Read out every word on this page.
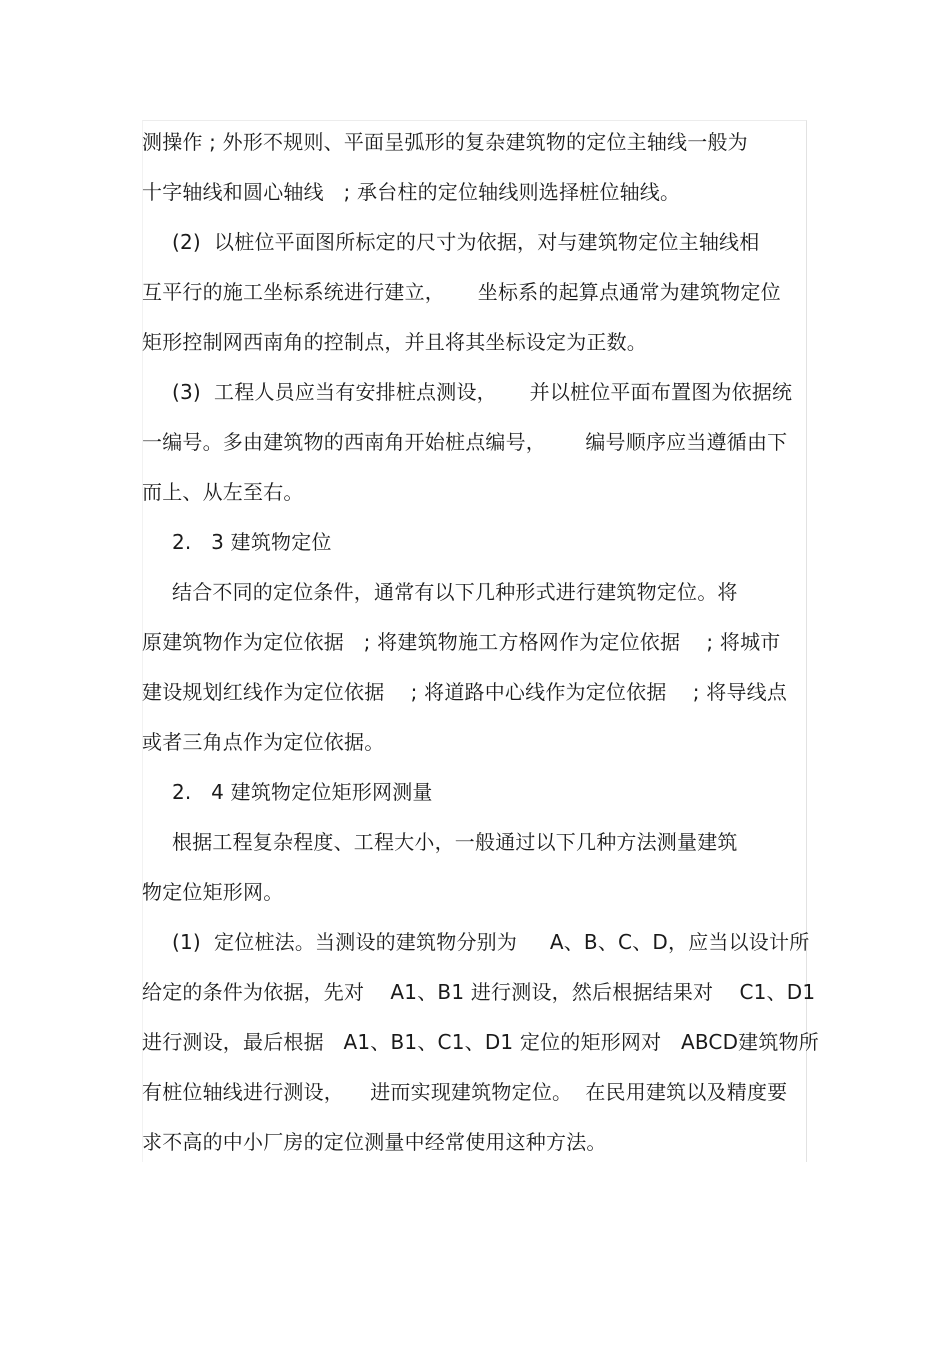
测操作 ; 外形不规则、平面呈弧形的复杂建筑物的定位主轴线一般为
十字轴线和圆心轴线   ; 承台柱的定位轴线则选择桩位轴线。
(2)  以桩位平面图所标定的尺寸为依据，对与建筑物定位主轴线相
互平行的施工坐标系统进行建立，     坐标系的起算点通常为建筑物定位
矩形控制网西南角的控制点，并且将其坐标设定为正数。
(3)  工程人员应当有安排桩点测设，     并以桩位平面布置图为依据统
一编号。多由建筑物的西南角开始桩点编号，      编号顺序应当遵循由下
而上、从左至右。
2.   3 建筑物定位
结合不同的定位条件，通常有以下几种形式进行建筑物定位。将
原建筑物作为定位依据   ; 将建筑物施工方格网作为定位依据    ; 将城市
建设规划红线作为定位依据    ; 将道路中心线作为定位依据    ; 将导线点
或者三角点作为定位依据。
2.   4 建筑物定位矩形网测量
根据工程复杂程度、工程大小，一般通过以下几种方法测量建筑
物定位矩形网。
(1)  定位桩法。当测设的建筑物分别为     A、B、C、D，应当以设计所
给定的条件为依据，先对    A1、B1 进行测设，然后根据结果对    C1、D1
进行测设，最后根据   A1、B1、C1、D1 定位的矩形网对   ABCD建筑物所
有桩位轴线进行测设，    进而实现建筑物定位。  在民用建筑以及精度要
求不高的中小厂房的定位测量中经常使用这种方法。
